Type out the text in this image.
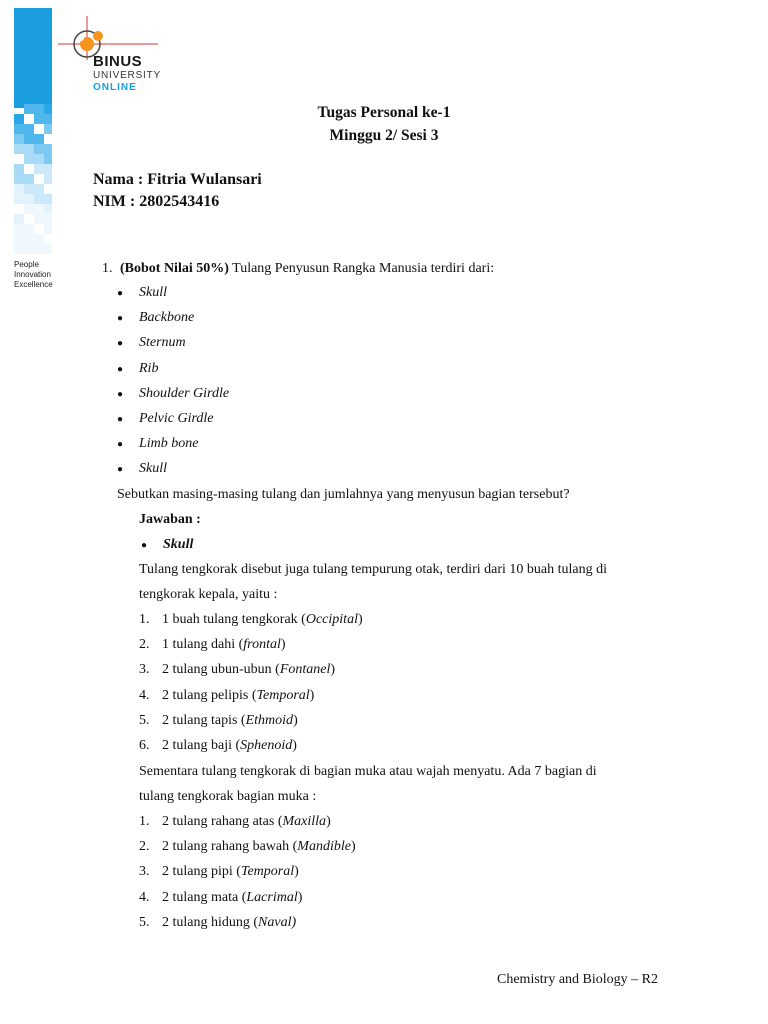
People
Innovation
Excellence
BINUS
UNIVERSITY
ONLINE
Tugas Personal ke-1
Minggu 2/ Sesi 3
Nama : Fitria Wulansari
NIM : 2802543416
1. (Bobot Nilai 50%) Tulang Penyusun Rangka Manusia terdiri dari:
● Skull
● Backbone
● Sternum
● Rib
● Shoulder Girdle
● Pelvic Girdle
● Limb bone
● Skull
Sebutkan masing-masing tulang dan jumlahnya yang menyusun bagian tersebut?
Jawaban :
● Skull
Tulang tengkorak disebut juga tulang tempurung otak, terdiri dari 10 buah tulang di
tengkorak kepala, yaitu :
1. 1 buah tulang tengkorak (Occipital)
2. 1 tulang dahi (frontal)
3. 2 tulang ubun-ubun (Fontanel)
4. 2 tulang pelipis (Temporal)
5. 2 tulang tapis (Ethmoid)
6. 2 tulang baji (Sphenoid)
Sementara tulang tengkorak di bagian muka atau wajah menyatu. Ada 7 bagian di
tulang tengkorak bagian muka :
1. 2 tulang rahang atas (Maxilla)
2. 2 tulang rahang bawah (Mandible)
3. 2 tulang pipi (Temporal)
4. 2 tulang mata (Lacrimal)
5. 2 tulang hidung (Naval)
Chemistry and Biology – R2
